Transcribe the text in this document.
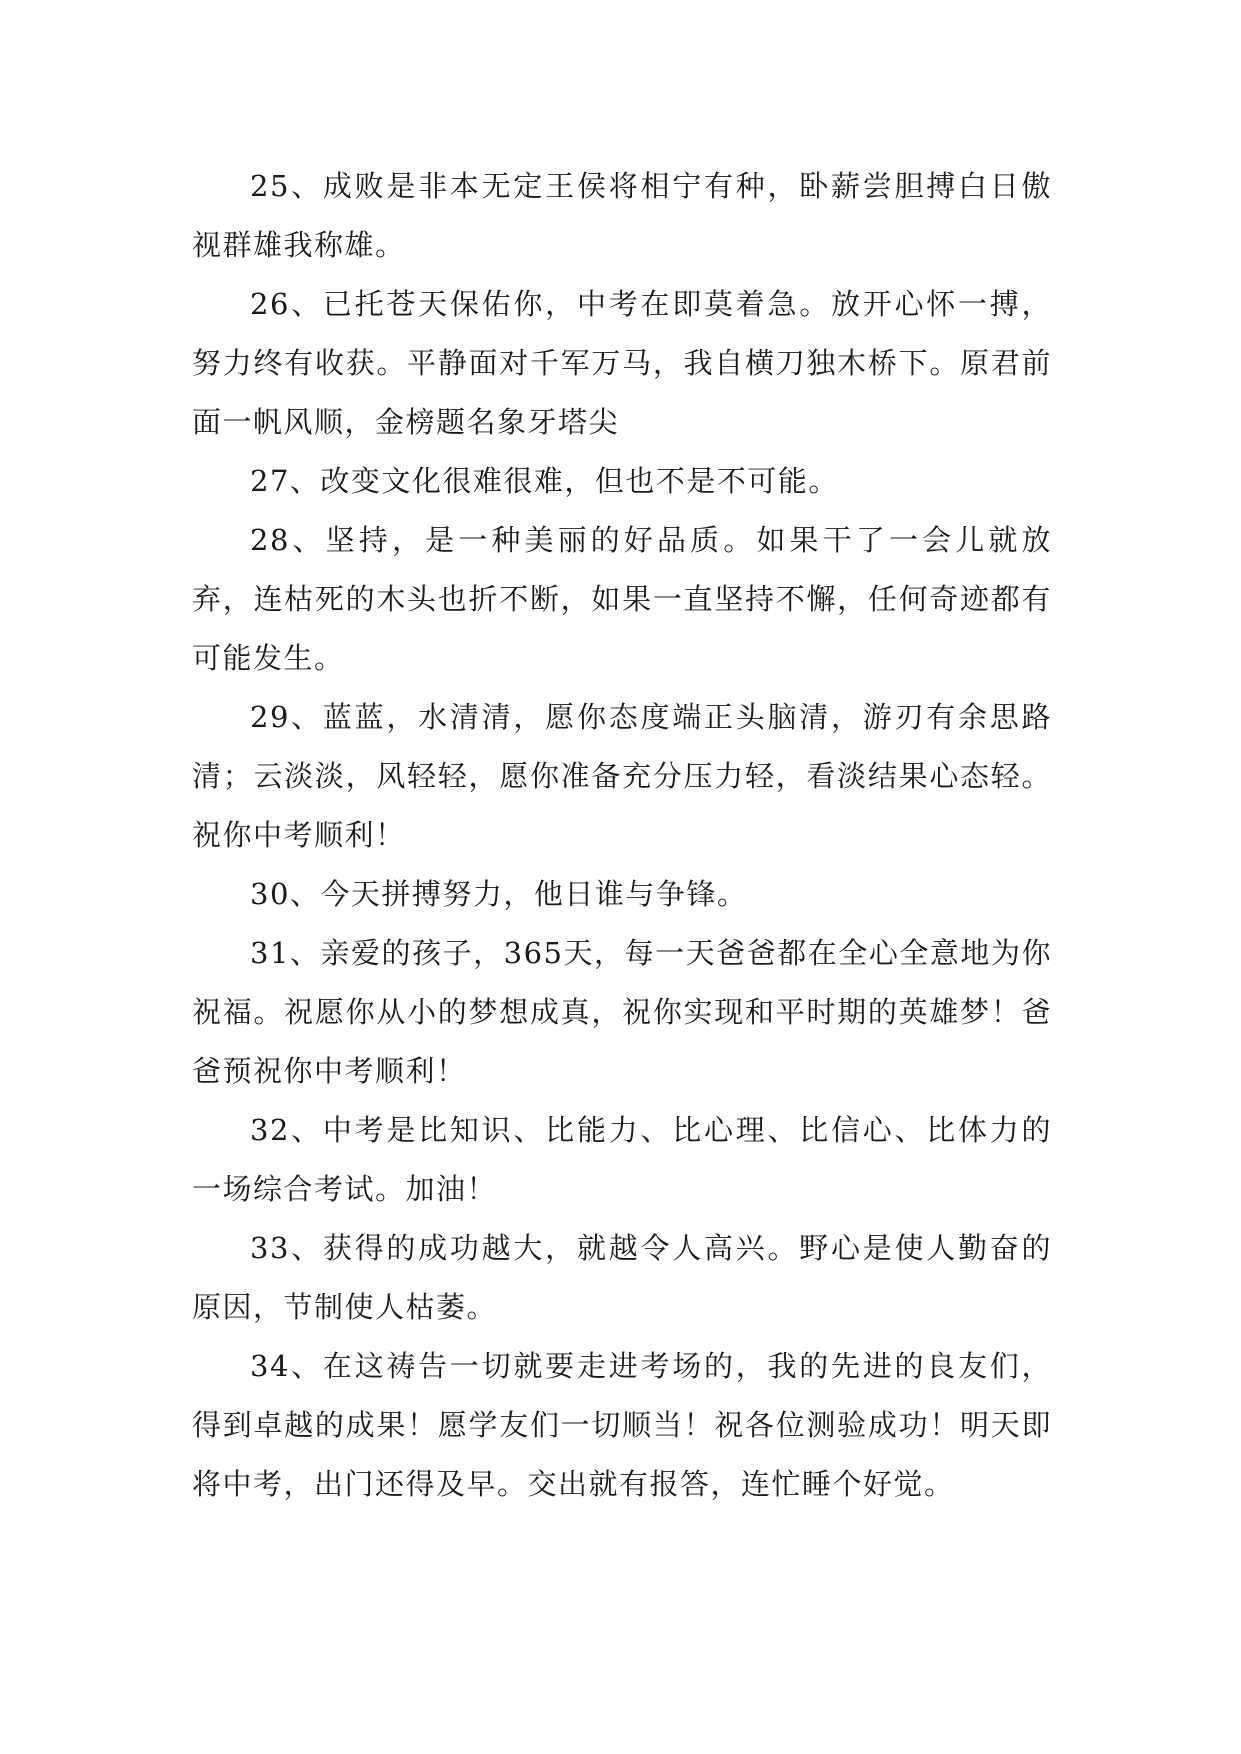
25、成败是非本无定王侯将相宁有种，卧薪尝胆搏白日傲视群雄我称雄。

26、已托苍天保佑你，中考在即莫着急。放开心怀一搏，努力终有收获。平静面对千军万马，我自横刀独木桥下。原君前面一帆风顺，金榜题名象牙塔尖

27、改变文化很难很难，但也不是不可能。

28、坚持，是一种美丽的好品质。如果干了一会儿就放弃，连枯死的木头也折不断，如果一直坚持不懈，任何奇迹都有可能发生。

29、蓝蓝，水清清，愿你态度端正头脑清，游刃有余思路清；云淡淡，风轻轻，愿你准备充分压力轻，看淡结果心态轻。祝你中考顺利！

30、今天拼搏努力，他日谁与争锋。

31、亲爱的孩子，365天，每一天爸爸都在全心全意地为你祝福。祝愿你从小的梦想成真，祝你实现和平时期的英雄梦！爸爸预祝你中考顺利！

32、中考是比知识、比能力、比心理、比信心、比体力的一场综合考试。加油！

33、获得的成功越大，就越令人高兴。野心是使人勤奋的原因，节制使人枯萎。

34、在这祷告一切就要走进考场的，我的先进的良友们，得到卓越的成果！愿学友们一切顺当！祝各位测验成功！明天即将中考，出门还得及早。交出就有报答，连忙睡个好觉。
